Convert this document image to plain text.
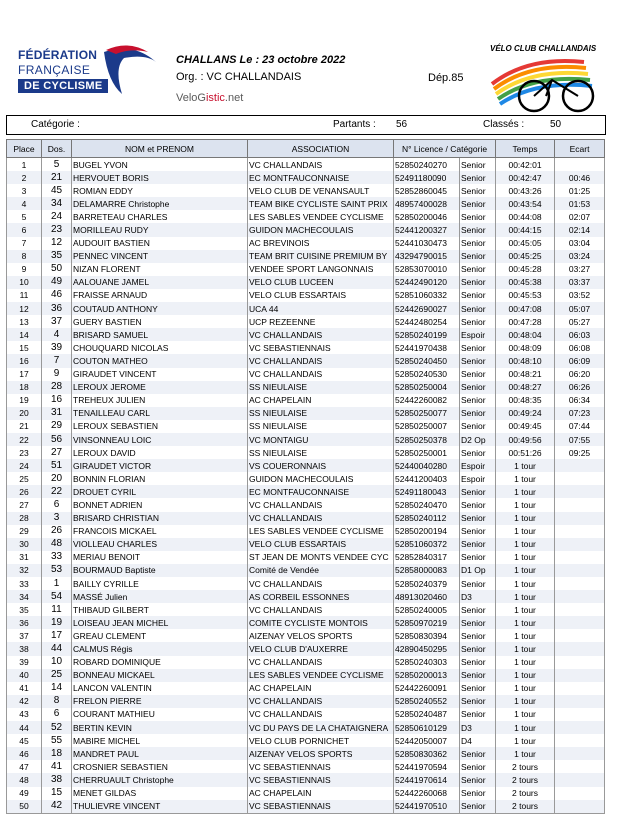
FÉDÉRATION
FRANÇAISE
DE CYCLISME
CHALLANS Le : 23 octobre 2022
Org. : VC CHALLANDAIS	Dép.85
VeloGistic.net
VÉLO CLUB CHALLANDAIS
Catégorie :	Partants : 56	Classés :	50
Place	Dos.	NOM et PRENOM	ASSOCIATION	N° Licence / Catégorie		Temps	Ecart
1	5	BUGEL YVON	VC CHALLANDAIS	52850240270	Senior	00:42:01	
2	21	HERVOUET BORIS	EC MONTFAUCONNAISE	52491180090	Senior	00:42:47	00:46
3	45	ROMIAN EDDY	VELO CLUB DE VENANSAULT	52852860045	Senior	00:43:26	01:25
4	34	DELAMARRE Christophe	TEAM BIKE CYCLISTE SAINT PRIX	48957400028	Senior	00:43:54	01:53
5	24	BARRETEAU CHARLES	LES SABLES VENDEE CYCLISME	52850200046	Senior	00:44:08	02:07
6	23	MORILLEAU RUDY	GUIDON MACHECOULAIS	52441200327	Senior	00:44:15	02:14
7	12	AUDOUIT BASTIEN	AC BREVINOIS	52441030473	Senior	00:45:05	03:04
8	35	PENNEC VINCENT	TEAM BRIT CUISINE PREMIUM BY	43294790015	Senior	00:45:25	03:24
9	50	NIZAN FLORENT	VENDEE SPORT LANGONNAIS	52853070010	Senior	00:45:28	03:27
10	49	AALOUANE JAMEL	VELO CLUB LUCEEN	52442490120	Senior	00:45:38	03:37
11	46	FRAISSE ARNAUD	VELO CLUB ESSARTAIS	52851060332	Senior	00:45:53	03:52
12	36	COUTAUD ANTHONY	UCA 44	52442690027	Senior	00:47:08	05:07
13	37	GUERY BASTIEN	UCP REZEENNE	52442480254	Senior	00:47:28	05:27
14	4	BRISARD SAMUEL	VC CHALLANDAIS	52850240199	Espoir	00:48:04	06:03
15	39	CHOUQUARD NICOLAS	VC SEBASTIENNAIS	52441970438	Senior	00:48:09	06:08
16	7	COUTON MATHEO	VC CHALLANDAIS	52850240450	Senior	00:48:10	06:09
17	9	GIRAUDET VINCENT	VC CHALLANDAIS	52850240530	Senior	00:48:21	06:20
18	28	LEROUX JEROME	SS NIEULAISE	52850250004	Senior	00:48:27	06:26
19	16	TREHEUX JULIEN	AC CHAPELAIN	52442260082	Senior	00:48:35	06:34
20	31	TENAILLEAU CARL	SS NIEULAISE	52850250077	Senior	00:49:24	07:23
21	29	LEROUX SEBASTIEN	SS NIEULAISE	52850250007	Senior	00:49:45	07:44
22	56	VINSONNEAU LOIC	VC MONTAIGU	52850250378	D2 Op	00:49:56	07:55
23	27	LEROUX DAVID	SS NIEULAISE	52850250001	Senior	00:51:26	09:25
24	51	GIRAUDET VICTOR	VS COUERONNAIS	52440040280	Espoir	1 tour	
25	20	BONNIN FLORIAN	GUIDON MACHECOULAIS	52441200403	Espoir	1 tour	
26	22	DROUET CYRIL	EC MONTFAUCONNAISE	52491180043	Senior	1 tour	
27	6	BONNET ADRIEN	VC CHALLANDAIS	52850240470	Senior	1 tour	
28	3	BRISARD CHRISTIAN	VC CHALLANDAIS	52850240112	Senior	1 tour	
29	26	FRANCOIS MICKAEL	LES SABLES VENDEE CYCLISME	52850200194	Senior	1 tour	
30	48	VIOLLEAU CHARLES	VELO CLUB ESSARTAIS	52851060372	Senior	1 tour	
31	33	MERIAU BENOIT	ST JEAN DE MONTS VENDEE CYC	52852840317	Senior	1 tour	
32	53	BOURMAUD Baptiste	Comité de Vendée	52858000083	D1 Op	1 tour	
33	1	BAILLY CYRILLE	VC CHALLANDAIS	52850240379	Senior	1 tour	
34	54	MASSÉ Julien	AS CORBEIL ESSONNES	48913020460	D3	1 tour	
35	11	THIBAUD GILBERT	VC CHALLANDAIS	52850240005	Senior	1 tour	
36	19	LOISEAU JEAN MICHEL	COMITE CYCLISTE MONTOIS	52850970219	Senior	1 tour	
37	17	GREAU CLEMENT	AIZENAY VELOS SPORTS	52850830394	Senior	1 tour	
38	44	CALMUS Régis	VELO CLUB D'AUXERRE	42890450295	Senior	1 tour	
39	10	ROBARD DOMINIQUE	VC CHALLANDAIS	52850240303	Senior	1 tour	
40	25	BONNEAU MICKAEL	LES SABLES VENDEE CYCLISME	52850200013	Senior	1 tour	
41	14	LANCON VALENTIN	AC CHAPELAIN	52442260091	Senior	1 tour	
42	8	FRELON PIERRE	VC CHALLANDAIS	52850240552	Senior	1 tour	
43	6	COURANT MATHIEU	VC CHALLANDAIS	52850240487	Senior	1 tour	
44	52	BERTIN KEVIN	VC DU PAYS DE LA CHATAIGNERA	52850610129	D3	1 tour	
45	55	MABIRE MICHEL	VELO CLUB PORNICHET	52442050007	D4	1 tour	
46	18	MANDRET PAUL	AIZENAY VELOS SPORTS	52850830362	Senior	1 tour	
47	41	CROSNIER SEBASTIEN	VC SEBASTIENNAIS	52441970594	Senior	2 tours	
48	38	CHERRUAULT Christophe	VC SEBASTIENNAIS	52441970614	Senior	2 tours	
49	15	MENET GILDAS	AC CHAPELAIN	52442260068	Senior	2 tours	
50	42	THULIEVRE VINCENT	VC SEBASTIENNAIS	52441970510	Senior	2 tours	
